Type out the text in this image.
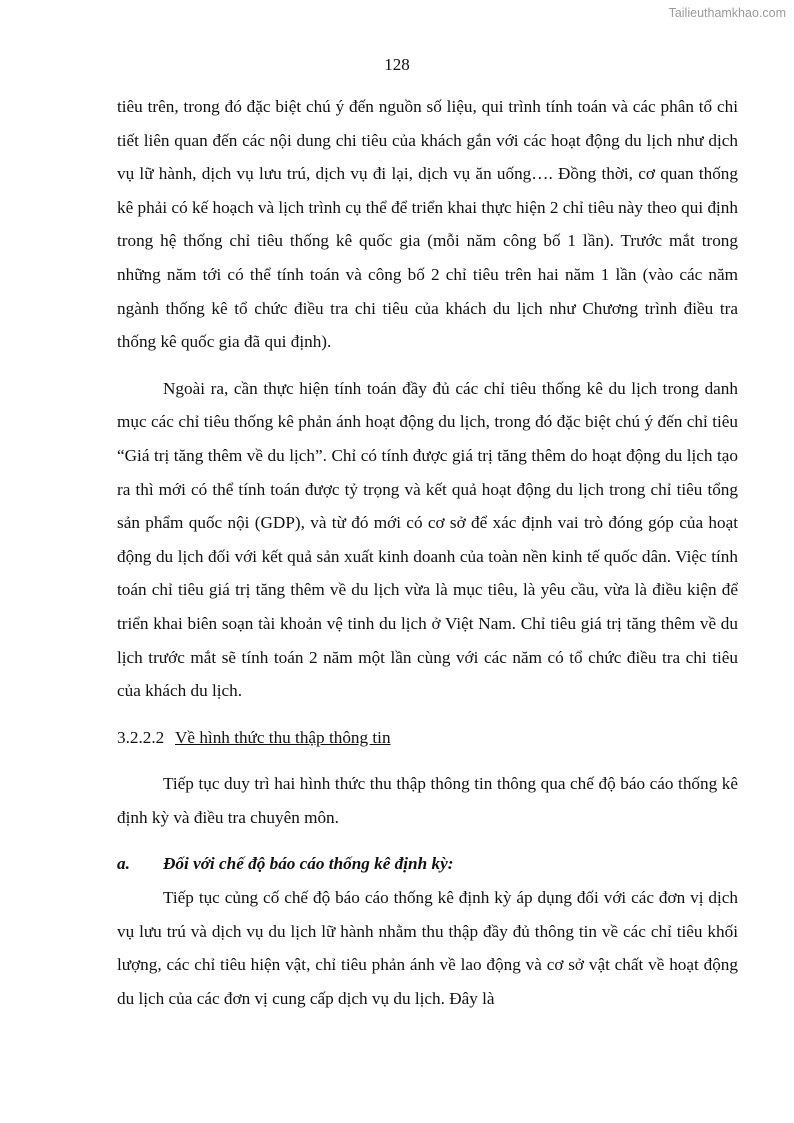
Tailieuthamkhao.com
128

tiêu trên, trong đó đặc biệt chú ý đến nguồn số liệu, qui trình tính toán và các phân tổ chi tiết liên quan đến các nội dung chi tiêu của khách gắn với các hoạt động du lịch như dịch vụ lữ hành, dịch vụ lưu trú, dịch vụ đi lại, dịch vụ ăn uống…. Đồng thời, cơ quan thống kê phải có kế hoạch và lịch trình cụ thể để triển khai thực hiện 2 chỉ tiêu này theo qui định trong hệ thống chỉ tiêu thống kê quốc gia (mỗi năm công bố 1 lần). Trước mắt trong những năm tới có thể tính toán và công bố 2 chỉ tiêu trên hai năm 1 lần (vào các năm ngành thống kê tổ chức điều tra chi tiêu của khách du lịch như Chương trình điều tra thống kê quốc gia đã qui định).

Ngoài ra, cần thực hiện tính toán đầy đủ các chỉ tiêu thống kê du lịch trong danh mục các chỉ tiêu thống kê phản ánh hoạt động du lịch, trong đó đặc biệt chú ý đến chỉ tiêu “Giá trị tăng thêm về du lịch”. Chỉ có tính được giá trị tăng thêm do hoạt động du lịch tạo ra thì mới có thể tính toán được tỷ trọng và kết quả hoạt động du lịch trong chỉ tiêu tổng sản phẩm quốc nội (GDP), và từ đó mới có cơ sở để xác định vai trò đóng góp của hoạt động du lịch đối với kết quả sản xuất kinh doanh của toàn nền kinh tế quốc dân. Việc tính toán chỉ tiêu giá trị tăng thêm về du lịch vừa là mục tiêu, là yêu cầu, vừa là điều kiện để triển khai biên soạn tài khoản vệ tinh du lịch ở Việt Nam. Chỉ tiêu giá trị tăng thêm về du lịch trước mắt sẽ tính toán 2 năm một lần cùng với các năm có tổ chức điều tra chi tiêu của khách du lịch.

3.2.2.2 Về hình thức thu thập thông tin

Tiếp tục duy trì hai hình thức thu thập thông tin thông qua chế độ báo cáo thống kê định kỳ và điều tra chuyên môn.

a. Đối với chế độ báo cáo thống kê định kỳ:

Tiếp tục củng cố chế độ báo cáo thống kê định kỳ áp dụng đối với các đơn vị dịch vụ lưu trú và dịch vụ du lịch lữ hành nhằm thu thập đầy đủ thông tin về các chỉ tiêu khối lượng, các chỉ tiêu hiện vật, chỉ tiêu phản ánh về lao động và cơ sở vật chất về hoạt động du lịch của các đơn vị cung cấp dịch vụ du lịch. Đây là
